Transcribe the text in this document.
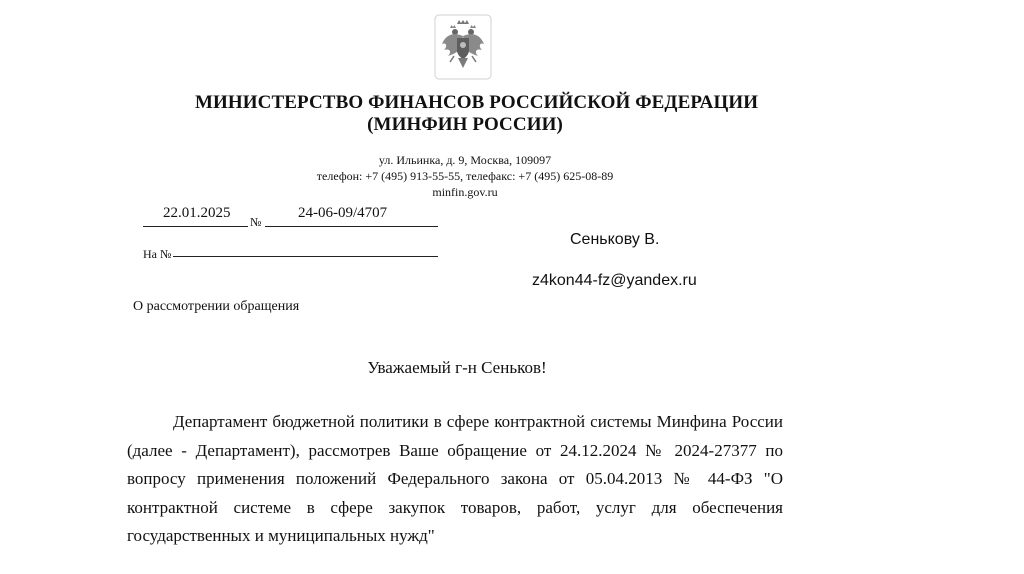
МИНИСТЕРСТВО ФИНАНСОВ РОССИЙСКОЙ ФЕДЕРАЦИИ
(МИНФИН РОССИИ)
ул. Ильинка, д. 9, Москва, 109097
телефон: +7 (495) 913-55-55, телефакс: +7 (495) 625-08-89
minfin.gov.ru
22.01.2025
№
24-06-09/4707
На №
Сенькову В.
z4kon44-fz@yandex.ru
О рассмотрении обращения
Уважаемый г-н Сеньков!
Департамент бюджетной политики в сфере контрактной системы Минфина России (далее - Департамент), рассмотрев Ваше обращение от 24.12.2024 № 2024-27377 по вопросу применения положений Федерального закона от 05.04.2013 № 44-ФЗ "О контрактной системе в сфере закупок товаров, работ, услуг для обеспечения государственных и муниципальных нужд"
